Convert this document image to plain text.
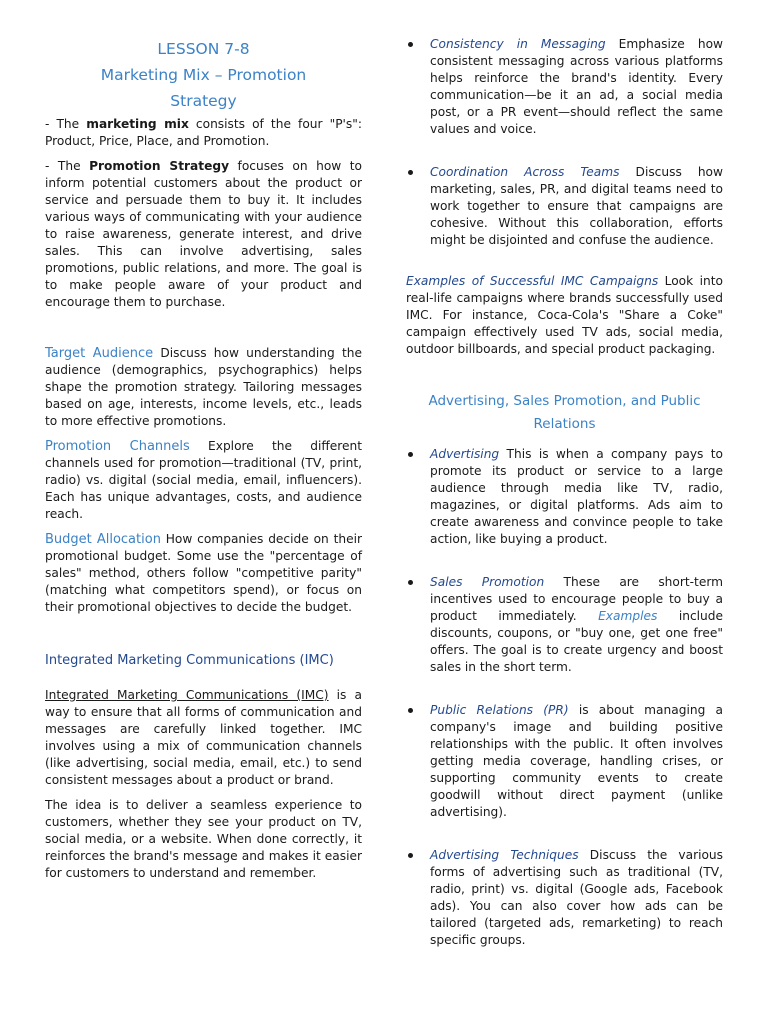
LESSON 7-8
Marketing Mix – Promotion
Strategy

- The marketing mix consists of the four "P's": Product, Price, Place, and Promotion.

- The Promotion Strategy focuses on how to inform potential customers about the product or service and persuade them to buy it. It includes various ways of communicating with your audience to raise awareness, generate interest, and drive sales. This can involve advertising, sales promotions, public relations, and more. The goal is to make people aware of your product and encourage them to purchase.

Target Audience Discuss how understanding the audience (demographics, psychographics) helps shape the promotion strategy. Tailoring messages based on age, interests, income levels, etc., leads to more effective promotions.

Promotion Channels Explore the different channels used for promotion—traditional (TV, print, radio) vs. digital (social media, email, influencers). Each has unique advantages, costs, and audience reach.

Budget Allocation How companies decide on their promotional budget. Some use the "percentage of sales" method, others follow "competitive parity" (matching what competitors spend), or focus on their promotional objectives to decide the budget.

Integrated Marketing Communications (IMC)

Integrated Marketing Communications (IMC) is a way to ensure that all forms of communication and messages are carefully linked together. IMC involves using a mix of communication channels (like advertising, social media, email, etc.) to send consistent messages about a product or brand.

The idea is to deliver a seamless experience to customers, whether they see your product on TV, social media, or a website. When done correctly, it reinforces the brand's message and makes it easier for customers to understand and remember.

Consistency in Messaging Emphasize how consistent messaging across various platforms helps reinforce the brand's identity. Every communication—be it an ad, a social media post, or a PR event—should reflect the same values and voice.
Coordination Across Teams Discuss how marketing, sales, PR, and digital teams need to work together to ensure that campaigns are cohesive. Without this collaboration, efforts might be disjointed and confuse the audience.

Examples of Successful IMC Campaigns Look into real-life campaigns where brands successfully used IMC. For instance, Coca-Cola's "Share a Coke" campaign effectively used TV ads, social media, outdoor billboards, and special product packaging.

Advertising, Sales Promotion, and Public Relations
Advertising This is when a company pays to promote its product or service to a large audience through media like TV, radio, magazines, or digital platforms. Ads aim to create awareness and convince people to take action, like buying a product.
Sales Promotion These are short-term incentives used to encourage people to buy a product immediately. Examples include discounts, coupons, or "buy one, get one free" offers. The goal is to create urgency and boost sales in the short term.
Public Relations (PR) is about managing a company's image and building positive relationships with the public. It often involves getting media coverage, handling crises, or supporting community events to create goodwill without direct payment (unlike advertising).
Advertising Techniques Discuss the various forms of advertising such as traditional (TV, radio, print) vs. digital (Google ads, Facebook ads). You can also cover how ads can be tailored (targeted ads, remarketing) to reach specific groups.
